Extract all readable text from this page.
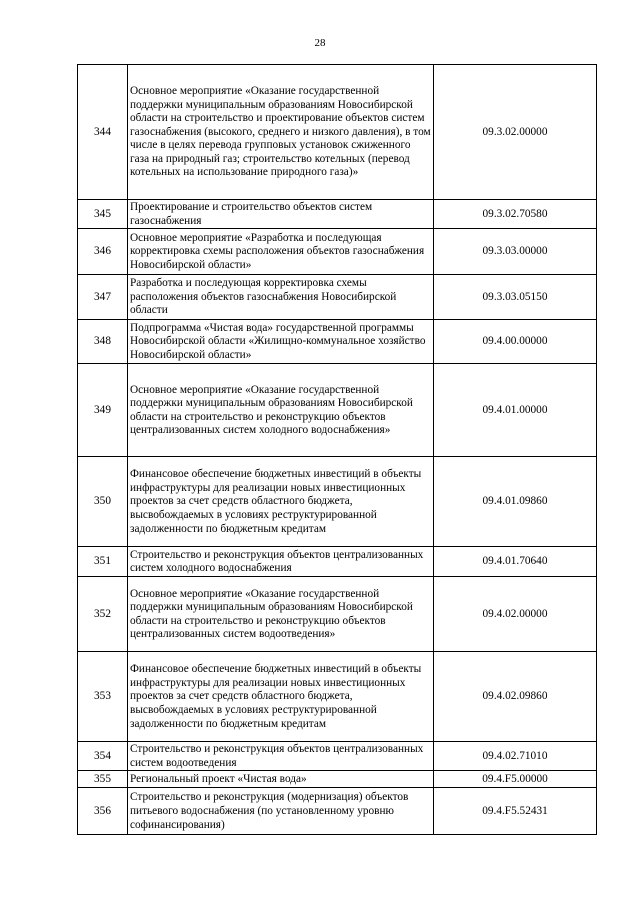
28
344	Основное мероприятие «Оказание государственной поддержки муниципальным образованиям Новосибирской области на строительство и проектирование объектов систем газоснабжения (высокого, среднего и низкого давления), в том числе в целях перевода групповых установок сжиженного газа на природный газ; строительство котельных (перевод котельных на использование природного газа)»	09.3.02.00000
345	Проектирование и строительство объектов систем газоснабжения	09.3.02.70580
346	Основное мероприятие «Разработка и последующая корректировка схемы расположения объектов газоснабжения Новосибирской области»	09.3.03.00000
347	Разработка и последующая корректировка схемы расположения объектов газоснабжения Новосибирской области	09.3.03.05150
348	Подпрограмма «Чистая вода» государственной программы Новосибирской области «Жилищно-коммунальное хозяйство Новосибирской области»	09.4.00.00000
349	Основное мероприятие «Оказание государственной поддержки муниципальным образованиям Новосибирской области на строительство и реконструкцию объектов централизованных систем холодного водоснабжения»	09.4.01.00000
350	Финансовое обеспечение бюджетных инвестиций в объекты инфраструктуры для реализации новых инвестиционных проектов за счет средств областного бюджета, высвобождаемых в условиях реструктурированной задолженности по бюджетным кредитам	09.4.01.09860
351	Строительство и реконструкция объектов централизованных систем холодного водоснабжения	09.4.01.70640
352	Основное мероприятие «Оказание государственной поддержки муниципальным образованиям Новосибирской области на строительство и реконструкцию объектов централизованных систем водоотведения»	09.4.02.00000
353	Финансовое обеспечение бюджетных инвестиций в объекты инфраструктуры для реализации новых инвестиционных проектов за счет средств областного бюджета, высвобождаемых в условиях реструктурированной задолженности по бюджетным кредитам	09.4.02.09860
354	Строительство и реконструкция объектов централизованных систем водоотведения	09.4.02.71010
355	Региональный проект «Чистая вода»	09.4.F5.00000
356	Строительство и реконструкция (модернизация) объектов питьевого водоснабжения (по установленному уровню софинансирования)	09.4.F5.52431
